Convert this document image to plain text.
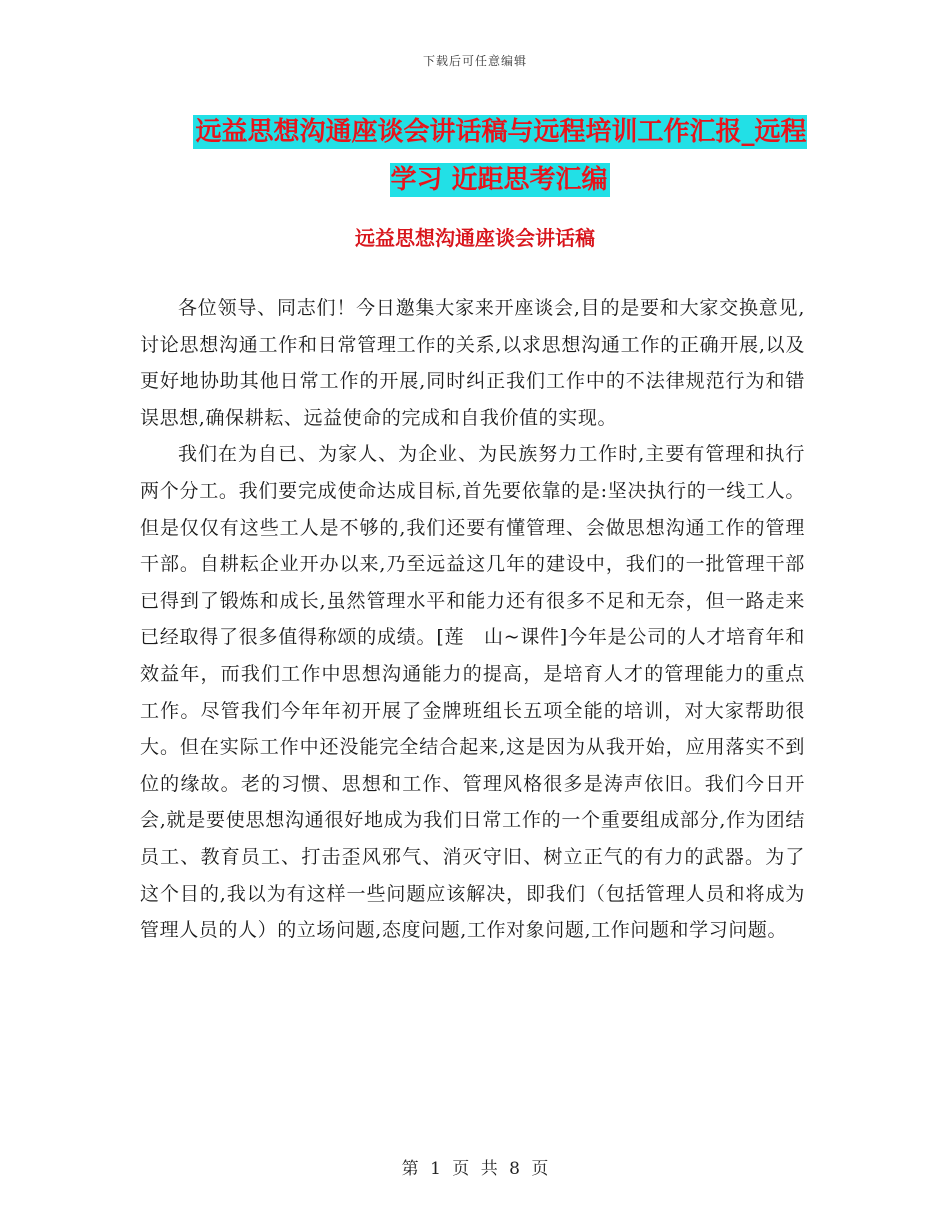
下载后可任意编辑
远益思想沟通座谈会讲话稿与远程培训工作汇报_远程学习 近距思考汇编
远益思想沟通座谈会讲话稿

各位领导、同志们！今日邀集大家来开座谈会,目的是要和大家交换意见,讨论思想沟通工作和日常管理工作的关系,以求思想沟通工作的正确开展,以及更好地协助其他日常工作的开展,同时纠正我们工作中的不法律规范行为和错误思想,确保耕耘、远益使命的完成和自我价值的实现。

我们在为自已、为家人、为企业、为民族努力工作时,主要有管理和执行两个分工。我们要完成使命达成目标,首先要依靠的是:坚决执行的一线工人。但是仅仅有这些工人是不够的,我们还要有懂管理、会做思想沟通工作的管理干部。自耕耘企业开办以来,乃至远益这几年的建设中，我们的一批管理干部已得到了锻炼和成长,虽然管理水平和能力还有很多不足和无奈，但一路走来已经取得了很多值得称颂的成绩。[莲　山~课件]今年是公司的人才培育年和效益年，而我们工作中思想沟通能力的提高，是培育人才的管理能力的重点工作。尽管我们今年年初开展了金牌班组长五项全能的培训，对大家帮助很大。但在实际工作中还没能完全结合起来,这是因为从我开始，应用落实不到位的缘故。老的习惯、思想和工作、管理风格很多是涛声依旧。我们今日开会,就是要使思想沟通很好地成为我们日常工作的一个重要组成部分,作为团结员工、教育员工、打击歪风邪气、消灭守旧、树立正气的有力的武器。为了这个目的,我以为有这样一些问题应该解决，即我们（包括管理人员和将成为管理人员的人）的立场问题,态度问题,工作对象问题,工作问题和学习问题。

第 1 页 共 8 页
